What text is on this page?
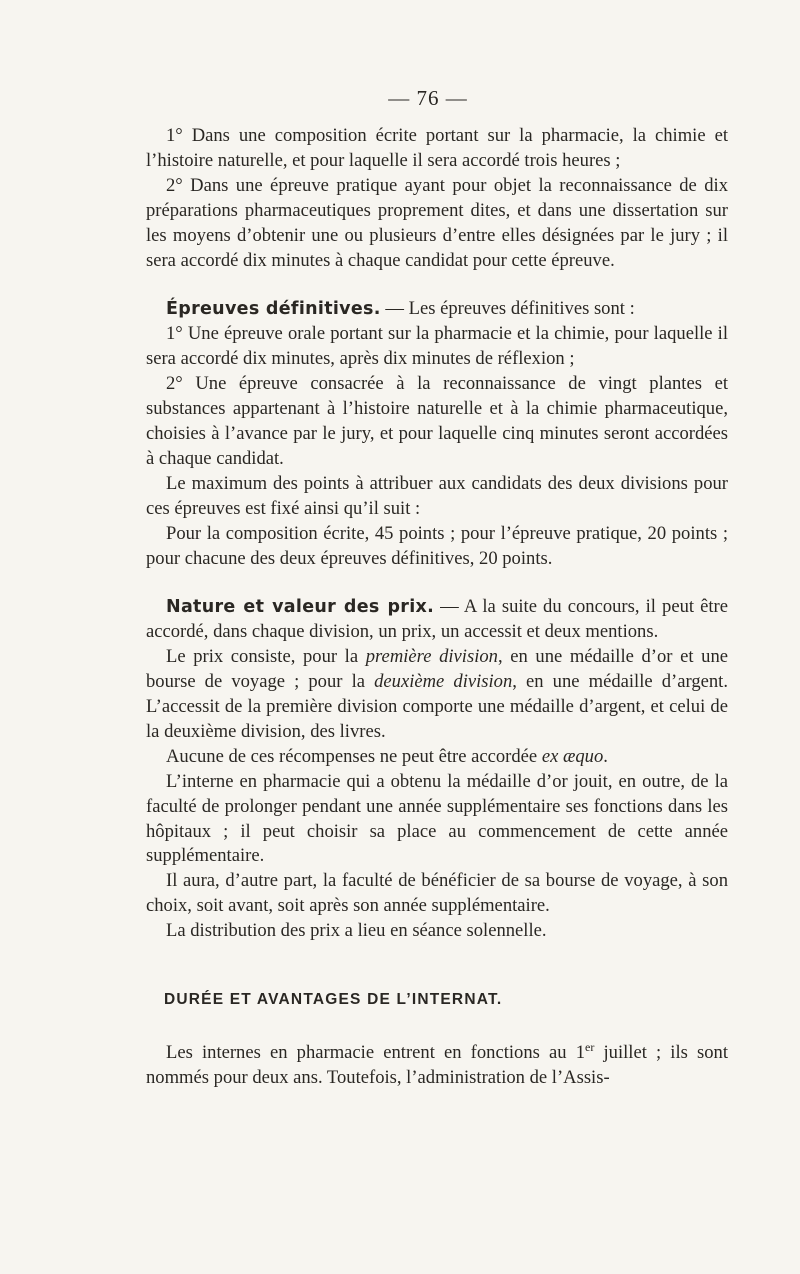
— 76 —

1° Dans une composition écrite portant sur la pharmacie, la chimie et l’histoire naturelle, et pour laquelle il sera accordé trois heures ;

2° Dans une épreuve pratique ayant pour objet la reconnaissance de dix préparations pharmaceutiques proprement dites, et dans une dissertation sur les moyens d’obtenir une ou plusieurs d’entre elles désignées par le jury ; il sera accordé dix minutes à chaque candidat pour cette épreuve.

Épreuves définitives. — Les épreuves définitives sont :

1° Une épreuve orale portant sur la pharmacie et la chimie, pour laquelle il sera accordé dix minutes, après dix minutes de réflexion ;

2° Une épreuve consacrée à la reconnaissance de vingt plantes et substances appartenant à l’histoire naturelle et à la chimie pharmaceutique, choisies à l’avance par le jury, et pour laquelle cinq minutes seront accordées à chaque candidat.

Le maximum des points à attribuer aux candidats des deux divisions pour ces épreuves est fixé ainsi qu’il suit :

Pour la composition écrite, 45 points ; pour l’épreuve pratique, 20 points ; pour chacune des deux épreuves définitives, 20 points.

Nature et valeur des prix. — A la suite du concours, il peut être accordé, dans chaque division, un prix, un accessit et deux mentions.

Le prix consiste, pour la première division, en une médaille d’or et une bourse de voyage ; pour la deuxième division, en une médaille d’argent. L’accessit de la première division comporte une médaille d’argent, et celui de la deuxième division, des livres.

Aucune de ces récompenses ne peut être accordée ex æquo.

L’interne en pharmacie qui a obtenu la médaille d’or jouit, en outre, de la faculté de prolonger pendant une année supplémentaire ses fonctions dans les hôpitaux ; il peut choisir sa place au commencement de cette année supplémentaire.

Il aura, d’autre part, la faculté de bénéficier de sa bourse de voyage, à son choix, soit avant, soit après son année supplémentaire.

La distribution des prix a lieu en séance solennelle.

DURÉE ET AVANTAGES DE L’INTERNAT.

Les internes en pharmacie entrent en fonctions au 1er juillet ; ils sont nommés pour deux ans. Toutefois, l’administration de l’Assis-
